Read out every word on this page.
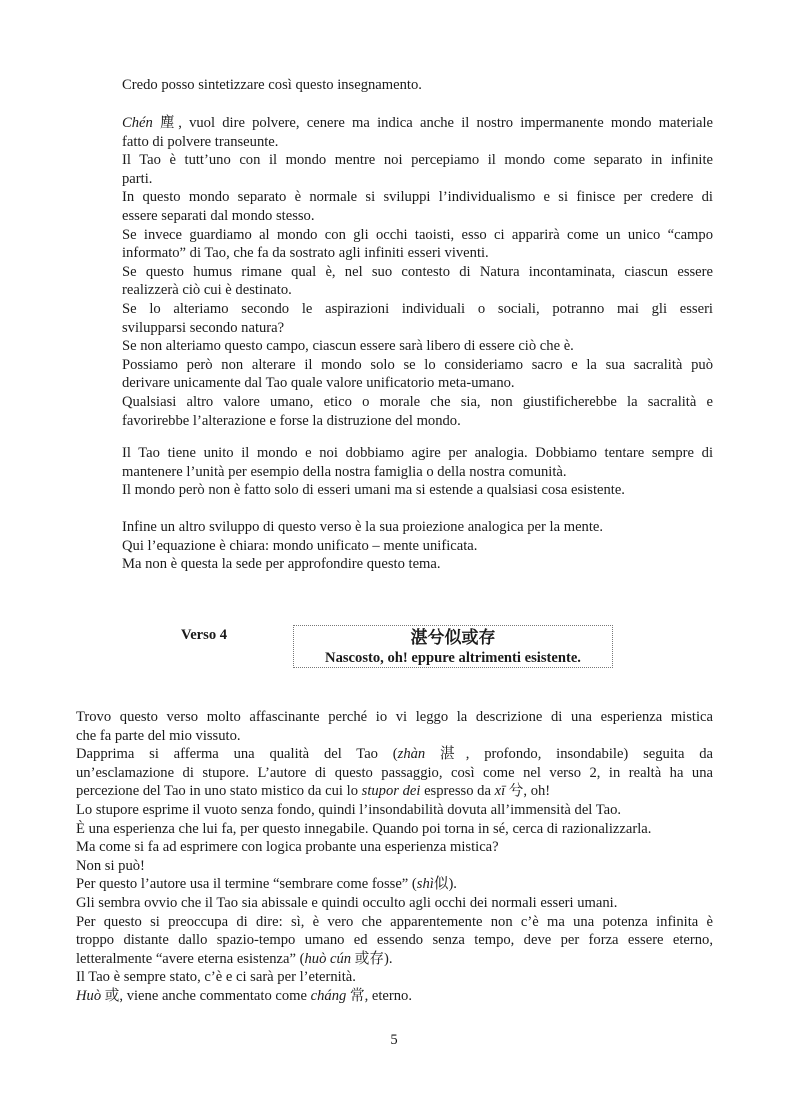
Credo posso sintetizzare così questo insegnamento.

Chén 塵, vuol dire polvere, cenere ma indica anche il nostro impermanente mondo materiale
fatto di polvere transeunte.
Il Tao è tutt’uno con il mondo mentre noi percepiamo il mondo come separato in infinite
parti.
In questo mondo separato è normale si sviluppi l’individualismo e si finisce per credere di
essere separati dal mondo stesso.
Se invece guardiamo al mondo con gli occhi taoisti, esso ci apparirà come un unico “campo
informato” di Tao, che fa da sostrato agli infiniti esseri viventi.
Se questo humus rimane qual è, nel suo contesto di Natura incontaminata, ciascun essere
realizzerà ciò cui è destinato.
Se lo alteriamo secondo le aspirazioni individuali o sociali, potranno mai gli esseri
svilupparsi secondo natura?
Se non alteriamo questo campo, ciascun essere sarà libero di essere ciò che è.
Possiamo però non alterare il mondo solo se lo consideriamo sacro e la sua sacralità può
derivare unicamente dal Tao quale valore unificatorio meta-umano.
Qualsiasi altro valore umano, etico o morale che sia, non giustificherebbe la sacralità e
favorirebbe l’alterazione e forse la distruzione del mondo.

Il Tao tiene unito il mondo e noi dobbiamo agire per analogia. Dobbiamo tentare sempre di
mantenere l’unità per esempio della nostra famiglia o della nostra comunità.
Il mondo però non è fatto solo di esseri umani ma si estende a qualsiasi cosa esistente.

Infine un altro sviluppo di questo verso è la sua proiezione analogica per la mente.
Qui l’equazione è chiara: mondo unificato – mente unificata.
Ma non è questa la sede per approfondire questo tema.

Verso 4	湛兮似或存
Nascosto, oh! eppure altrimenti esistente.

Trovo questo verso molto affascinante perché io vi leggo la descrizione di una esperienza mistica
che fa parte del mio vissuto.
Dapprima si afferma una qualità del Tao (zhàn 湛, profondo, insondabile) seguita da
un’esclamazione di stupore. L’autore di questo passaggio, così come nel verso 2, in realtà ha una
percezione del Tao in uno stato mistico da cui lo stupor dei espresso da xī 兮, oh!
Lo stupore esprime il vuoto senza fondo, quindi l’insondabilità dovuta all’immensità del Tao.
È una esperienza che lui fa, per questo innegabile. Quando poi torna in sé, cerca di razionalizzarla.
Ma come si fa ad esprimere con logica probante una esperienza mistica?
Non si può!
Per questo l’autore usa il termine “sembrare come fosse” (shì似).
Gli sembra ovvio che il Tao sia abissale e quindi occulto agli occhi dei normali esseri umani.
Per questo si preoccupa di dire: sì, è vero che apparentemente non c’è ma una potenza infinita è
troppo distante dallo spazio-tempo umano ed essendo senza tempo, deve per forza essere eterno,
letteralmente “avere eterna esistenza” (huò cún 或存).
Il Tao è sempre stato, c’è e ci sarà per l’eternità.
Huò 或, viene anche commentato come cháng 常, eterno.

5
